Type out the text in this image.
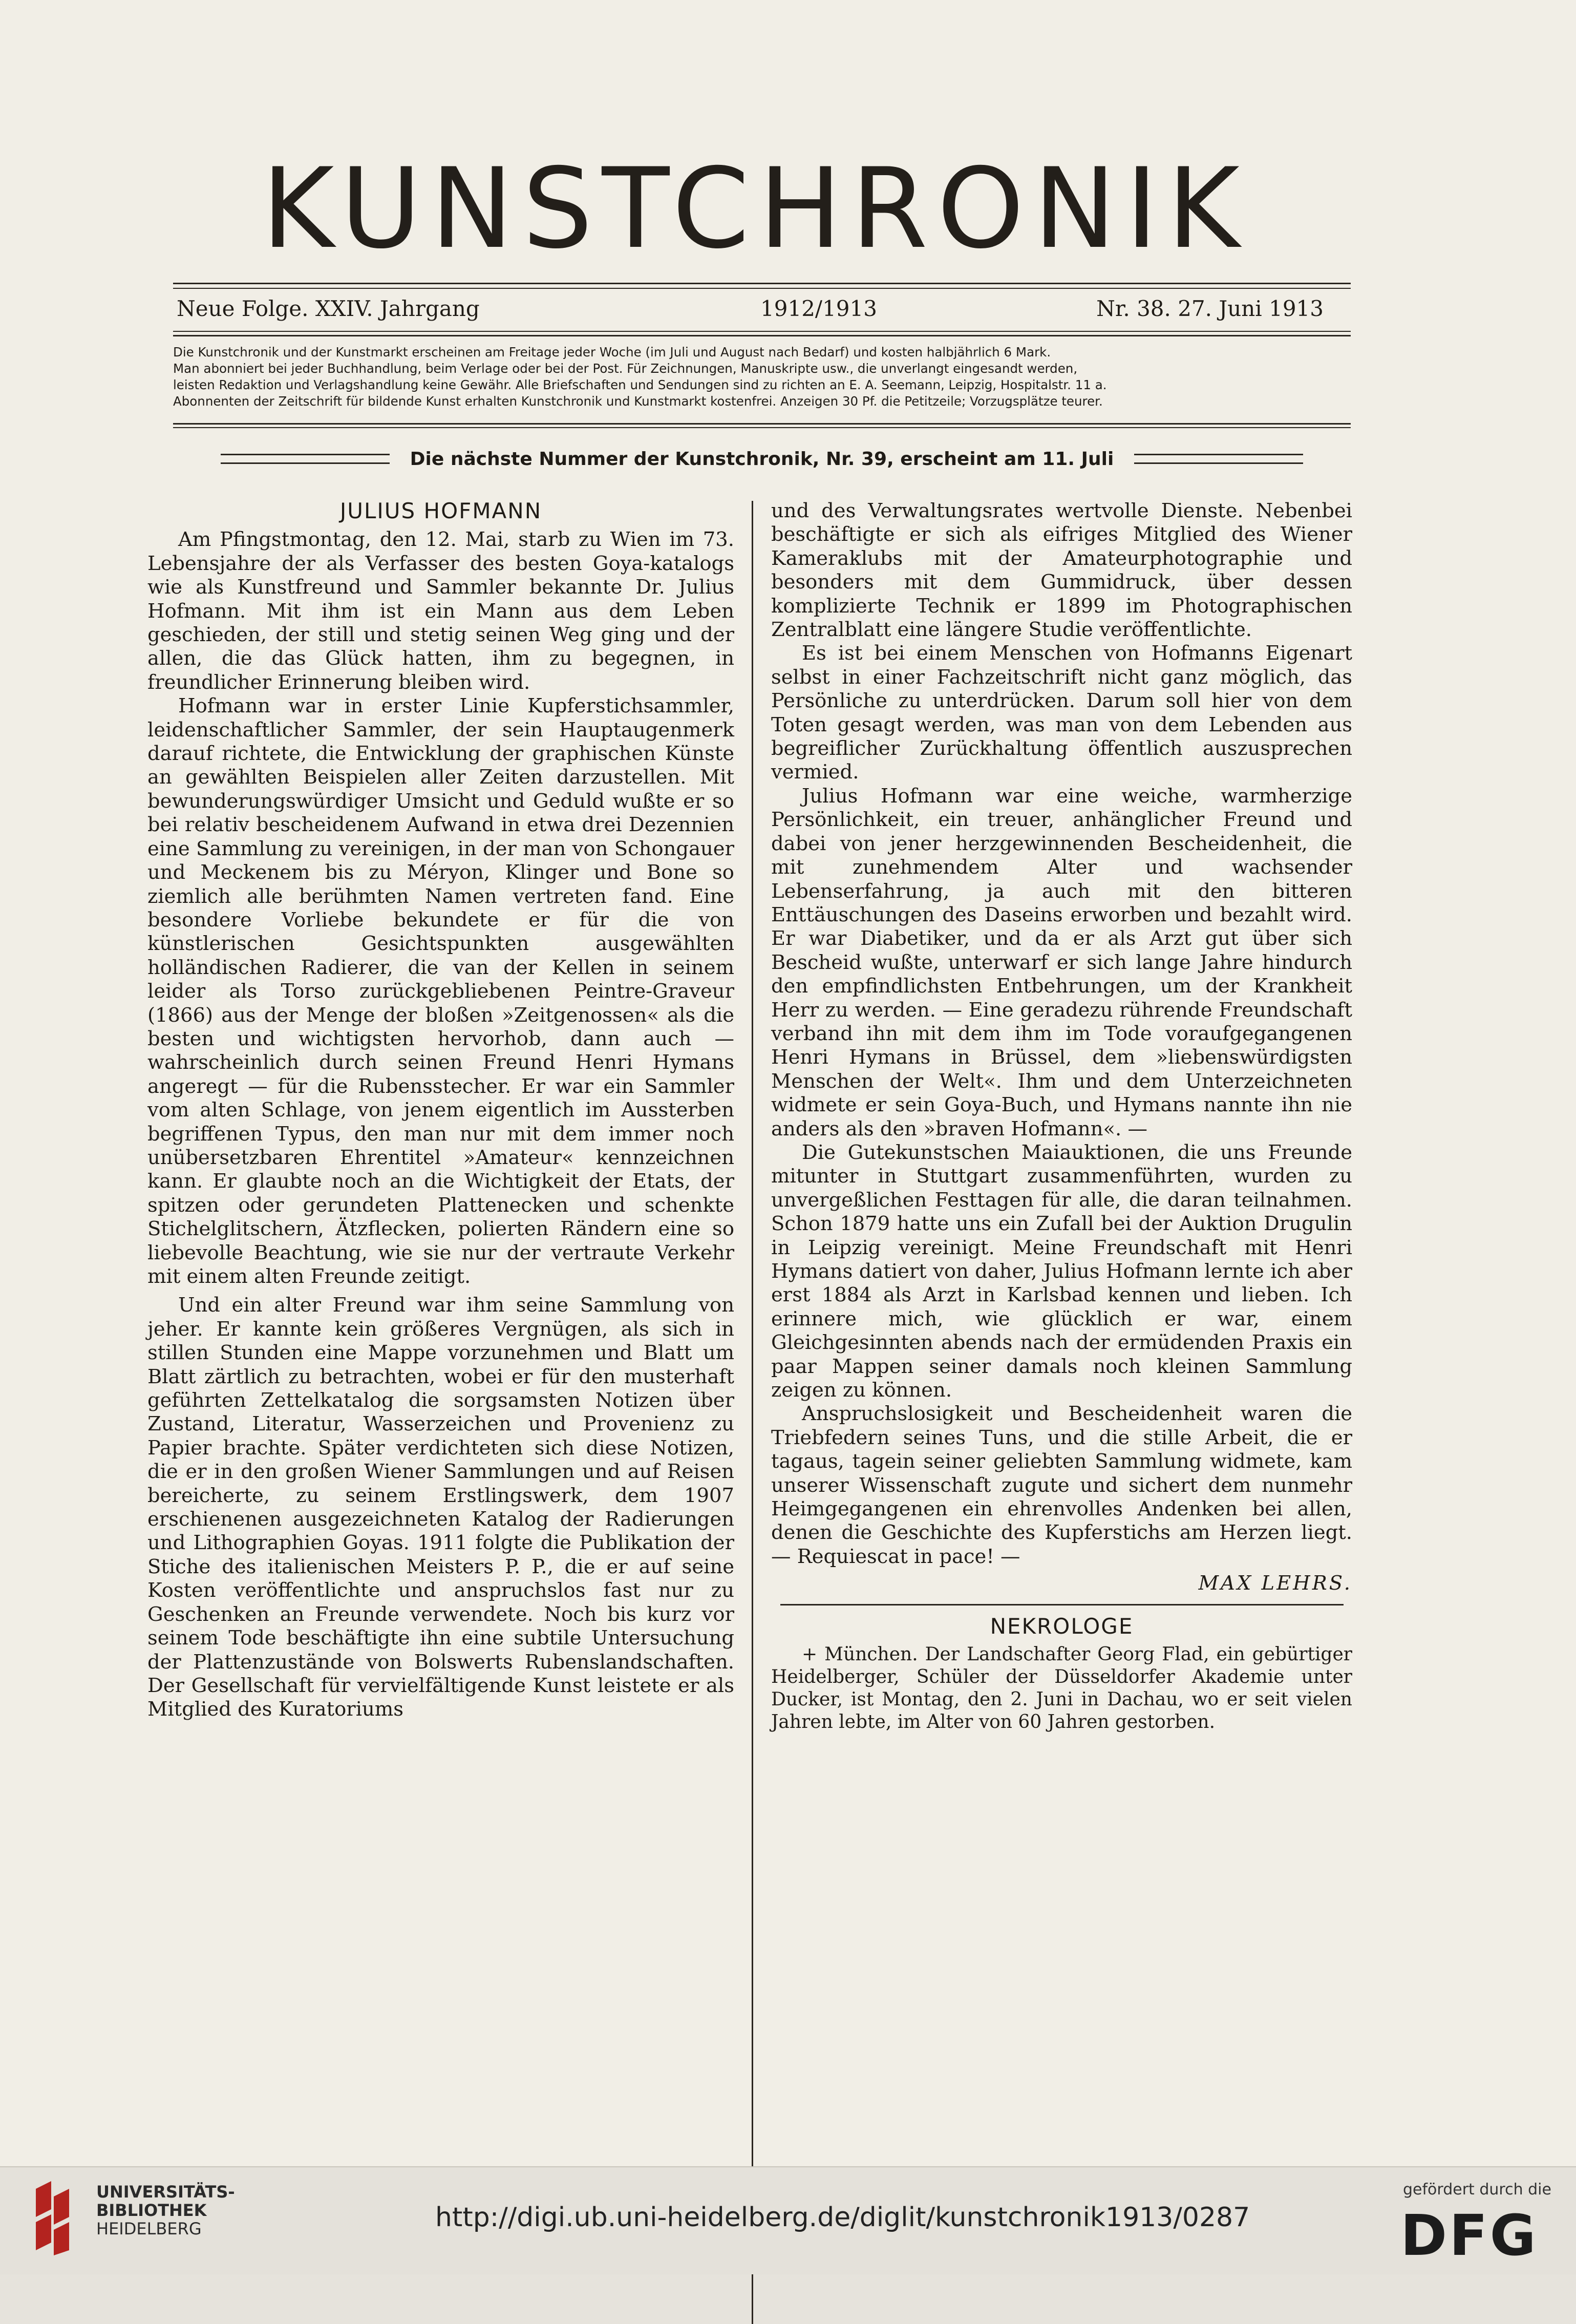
KUNSTCHRONIK
Neue Folge. XXIV. Jahrgang	1912/1913	Nr. 38. 27. Juni 1913
Die Kunstchronik und der Kunstmarkt erscheinen am Freitage jeder Woche (im Juli und August nach Bedarf) und kosten halbjährlich 6 Mark.
Man abonniert bei jeder Buchhandlung, beim Verlage oder bei der Post. Für Zeichnungen, Manuskripte usw., die unverlangt eingesandt werden,
leisten Redaktion und Verlagshandlung keine Gewähr. Alle Briefschaften und Sendungen sind zu richten an E. A. Seemann, Leipzig, Hospitalstr. 11 a.
Abonnenten der Zeitschrift für bildende Kunst erhalten Kunstchronik und Kunstmarkt kostenfrei. Anzeigen 30 Pf. die Petitzeile; Vorzugsplätze teurer.
Die nächste Nummer der Kunstchronik, Nr. 39, erscheint am 11. Juli
JULIUS HOFMANN

Am Pfingstmontag, den 12. Mai, starb zu Wien im 73. Lebensjahre der als Verfasser des besten Goya-katalogs wie als Kunstfreund und Sammler bekannte Dr. Julius Hofmann. Mit ihm ist ein Mann aus dem Leben geschieden, der still und stetig seinen Weg ging und der allen, die das Glück hatten, ihm zu begegnen, in freundlicher Erinnerung bleiben wird.

Hofmann war in erster Linie Kupferstichsammler, leidenschaftlicher Sammler, der sein Hauptaugenmerk darauf richtete, die Entwicklung der graphischen Künste an gewählten Beispielen aller Zeiten darzustellen. Mit bewunderungswürdiger Umsicht und Geduld wußte er so bei relativ bescheidenem Aufwand in etwa drei Dezennien eine Sammlung zu vereinigen, in der man von Schongauer und Meckenem bis zu Méryon, Klinger und Bone so ziemlich alle berühmten Namen vertreten fand. Eine besondere Vorliebe bekundete er für die von künstlerischen Gesichtspunkten ausgewählten holländischen Radierer, die van der Kellen in seinem leider als Torso zurückgebliebenen Peintre-Graveur (1866) aus der Menge der bloßen »Zeitgenossen« als die besten und wichtigsten hervorhob, dann auch — wahrscheinlich durch seinen Freund Henri Hymans angeregt — für die Rubensstecher. Er war ein Sammler vom alten Schlage, von jenem eigentlich im Aussterben begriffenen Typus, den man nur mit dem immer noch unübersetzbaren Ehrentitel »Amateur« kennzeichnen kann. Er glaubte noch an die Wichtigkeit der Etats, der spitzen oder gerundeten Plattenecken und schenkte Stichelglitschern, Ätzflecken, polierten Rändern eine so liebevolle Beachtung, wie sie nur der vertraute Verkehr mit einem alten Freunde zeitigt.

Und ein alter Freund war ihm seine Sammlung von jeher. Er kannte kein größeres Vergnügen, als sich in stillen Stunden eine Mappe vorzunehmen und Blatt um Blatt zärtlich zu betrachten, wobei er für den musterhaft geführten Zettelkatalog die sorgsamsten Notizen über Zustand, Literatur, Wasserzeichen und Provenienz zu Papier brachte. Später verdichteten sich diese Notizen, die er in den großen Wiener Sammlungen und auf Reisen bereicherte, zu seinem Erstlingswerk, dem 1907 erschienenen ausgezeichneten Katalog der Radierungen und Lithographien Goyas. 1911 folgte die Publikation der Stiche des italienischen Meisters P. P., die er auf seine Kosten veröffentlichte und anspruchslos fast nur zu Geschenken an Freunde verwendete. Noch bis kurz vor seinem Tode beschäftigte ihn eine subtile Untersuchung der Plattenzustände von Bolswerts Rubenslandschaften. Der Gesellschaft für vervielfältigende Kunst leistete er als Mitglied des Kuratoriums

und des Verwaltungsrates wertvolle Dienste. Nebenbei beschäftigte er sich als eifriges Mitglied des Wiener Kameraklubs mit der Amateurphotographie und besonders mit dem Gummidruck, über dessen komplizierte Technik er 1899 im Photographischen Zentralblatt eine längere Studie veröffentlichte.

Es ist bei einem Menschen von Hofmanns Eigenart selbst in einer Fachzeitschrift nicht ganz möglich, das Persönliche zu unterdrücken. Darum soll hier von dem Toten gesagt werden, was man von dem Lebenden aus begreiflicher Zurückhaltung öffentlich auszusprechen vermied.

Julius Hofmann war eine weiche, warmherzige Persönlichkeit, ein treuer, anhänglicher Freund und dabei von jener herzgewinnenden Bescheidenheit, die mit zunehmendem Alter und wachsender Lebenserfahrung, ja auch mit den bitteren Enttäuschungen des Daseins erworben und bezahlt wird. Er war Diabetiker, und da er als Arzt gut über sich Bescheid wußte, unterwarf er sich lange Jahre hindurch den empfindlichsten Entbehrungen, um der Krankheit Herr zu werden. — Eine geradezu rührende Freundschaft verband ihn mit dem ihm im Tode voraufgegangenen Henri Hymans in Brüssel, dem »liebenswürdigsten Menschen der Welt«. Ihm und dem Unterzeichneten widmete er sein Goya-Buch, und Hymans nannte ihn nie anders als den »braven Hofmann«. —

Die Gutekunstschen Maiauktionen, die uns Freunde mitunter in Stuttgart zusammenführten, wurden zu unvergeßlichen Festtagen für alle, die daran teilnahmen. Schon 1879 hatte uns ein Zufall bei der Auktion Drugulin in Leipzig vereinigt. Meine Freundschaft mit Henri Hymans datiert von daher, Julius Hofmann lernte ich aber erst 1884 als Arzt in Karlsbad kennen und lieben. Ich erinnere mich, wie glücklich er war, einem Gleichgesinnten abends nach der ermüdenden Praxis ein paar Mappen seiner damals noch kleinen Sammlung zeigen zu können.

Anspruchslosigkeit und Bescheidenheit waren die Triebfedern seines Tuns, und die stille Arbeit, die er tagaus, tagein seiner geliebten Sammlung widmete, kam unserer Wissenschaft zugute und sichert dem nunmehr Heimgegangenen ein ehrenvolles Andenken bei allen, denen die Geschichte des Kupferstichs am Herzen liegt. — Requiescat in pace! —

MAX LEHRS.
NEKROLOGE

+ München. Der Landschafter Georg Flad, ein gebürtiger Heidelberger, Schüler der Düsseldorfer Akademie unter Ducker, ist Montag, den 2. Juni in Dachau, wo er seit vielen Jahren lebte, im Alter von 60 Jahren gestorben.

UNIVERSITÄTS-
BIBLIOTHEK
HEIDELBERG	http://digi.ub.uni-heidelberg.de/diglit/kunstchronik1913/0287
gefördert durch die
DFG
